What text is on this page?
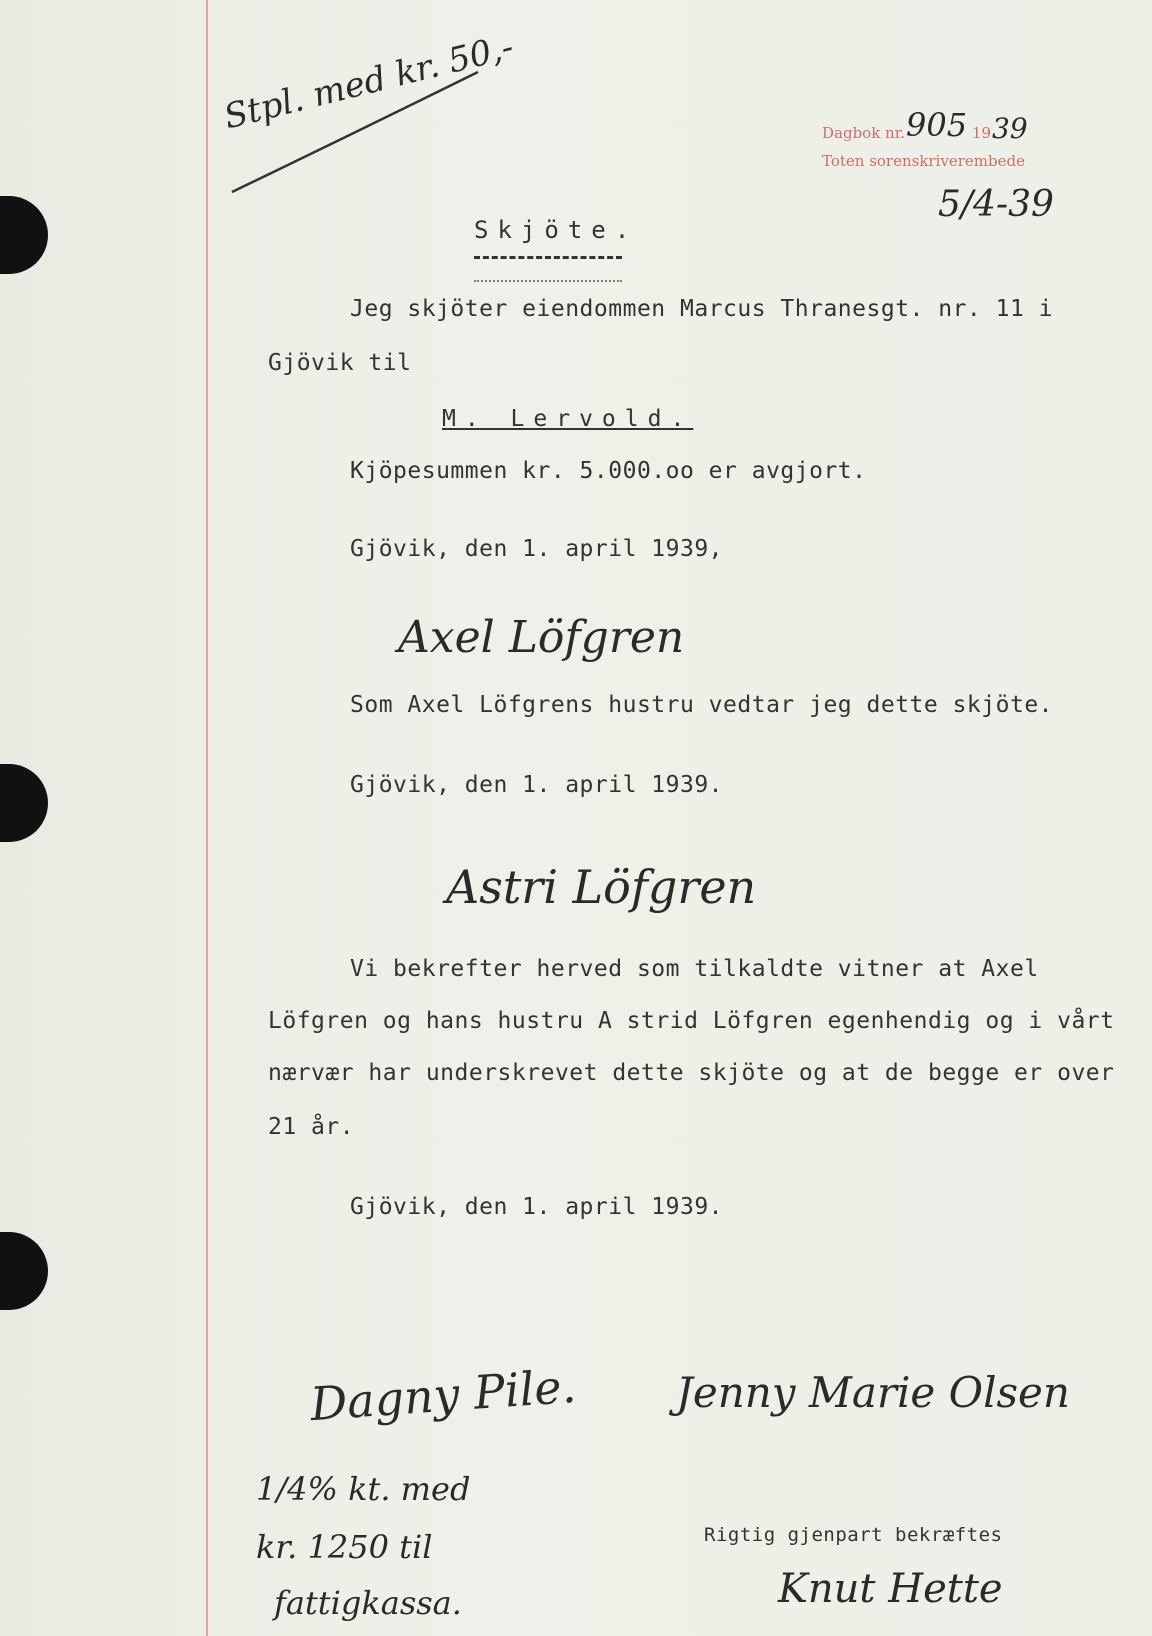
Stpl. med kr. 50,-	Dagbok nr. 905 19 39
Toten sorenskriverembede
5/4-39
Skjöte.
Jeg skjöter eiendommen Marcus Thranesgt. nr. 11 i
Gjövik til
M. Lervold.
Kjöpesummen kr. 5.000.oo er avgjort.
Gjövik, den 1. april 1939,
Axel Löfgren
Som Axel Löfgrens hustru vedtar jeg dette skjöte.
Gjövik, den 1. april 1939.
Astri Löfgren
Vi bekrefter herved som tilkaldte vitner at Axel
Löfgren og hans hustru A strid Löfgren egenhendig og i vårt
nærvær har underskrevet dette skjöte og at de begge er over
21 år.
Gjövik, den 1. april 1939.
Dagny Pile. Jenny Marie Olsen
1/4% kt. med
kr. 1250 til
fattigkassa.
Rigtig gjenpart bekræftes
Knut Hette
